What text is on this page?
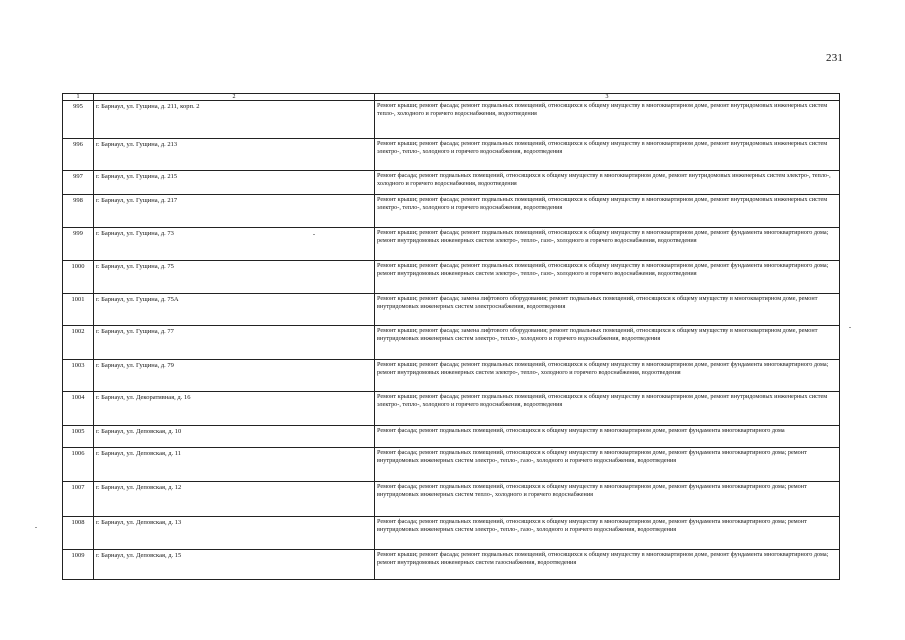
231
1	2	3
995	г. Барнаул, ул. Гущина, д. 211, корп. 2	Ремонт крыши; ремонт фасада; ремонт подвальных помещений, относящихся к общему имуществу в многоквартирном доме, ремонт внутридомовых инженерных систем тепло-, холодного и горячего водоснабжения, водоотведения
996	г. Барнаул, ул. Гущина, д. 213	Ремонт крыши; ремонт фасада; ремонт подвальных помещений, относящихся к общему имуществу в многоквартирном доме, ремонт внутридомовых инженерных систем электро-, тепло-, холодного и горячего водоснабжения, водоотведения
997	г. Барнаул, ул. Гущина, д. 215	Ремонт фасада; ремонт подвальных помещений, относящихся к общему имуществу в многоквартирном доме, ремонт внутридомовых инженерных систем электро-, тепло-, холодного и горячего водоснабжения, водоотведения
998	г. Барнаул, ул. Гущина, д. 217	Ремонт крыши; ремонт фасада; ремонт подвальных помещений, относящихся к общему имуществу в многоквартирном доме, ремонт внутридомовых инженерных систем электро-, тепло-, холодного и горячего водоснабжения, водоотведения
999	г. Барнаул, ул. Гущина, д. 73	Ремонт крыши; ремонт фасада; ремонт подвальных помещений, относящихся к общему имуществу в многоквартирном доме, ремонт фундамента многоквартирного дома; ремонт внутридомовых инженерных систем электро-, тепло-, газо-, холодного и горячего водоснабжения, водоотведения
1000	г. Барнаул, ул. Гущина, д. 75	Ремонт крыши; ремонт фасада; ремонт подвальных помещений, относящихся к общему имуществу в многоквартирном доме, ремонт фундамента многоквартирного дома; ремонт внутридомовых инженерных систем электро-, тепло-, газо-, холодного и горячего водоснабжения, водоотведения
1001	г. Барнаул, ул. Гущина, д. 75А	Ремонт крыши; ремонт фасада; замена лифтового оборудования; ремонт подвальных помещений, относящихся к общему имуществу в многоквартирном доме, ремонт внутридомовых инженерных систем электроснабжения, водоотведения
1002	г. Барнаул, ул. Гущина, д. 77	Ремонт крыши; ремонт фасада; замена лифтового оборудования; ремонт подвальных помещений, относящихся к общему имуществу в многоквартирном доме, ремонт внутридомовых инженерных систем электро-, тепло-, холодного и горячего водоснабжения, водоотведения
1003	г. Барнаул, ул. Гущина, д. 79	Ремонт крыши; ремонт фасада; ремонт подвальных помещений, относящихся к общему имуществу в многоквартирном доме, ремонт фундамента многоквартирного дома; ремонт внутридомовых инженерных систем электро-, тепло-, холодного и горячего водоснабжения, водоотведения
1004	г. Барнаул, ул. Декоративная, д. 16	Ремонт крыши; ремонт фасада; ремонт подвальных помещений, относящихся к общему имуществу в многоквартирном доме, ремонт внутридомовых инженерных систем электро-, тепло-, холодного и горячего водоснабжения, водоотведения
1005	г. Барнаул, ул. Деповская, д. 10	Ремонт фасада; ремонт подвальных помещений, относящихся к общему имуществу в многоквартирном доме, ремонт фундамента многоквартирного дома
1006	г. Барнаул, ул. Деповская, д. 11	Ремонт фасада; ремонт подвальных помещений, относящихся к общему имуществу в многоквартирном доме, ремонт фундамента многоквартирного дома; ремонт внутридомовых инженерных систем электро-, тепло-, газо-, холодного и горячего водоснабжения, водоотведения
1007	г. Барнаул, ул. Деповская, д. 12	Ремонт фасада; ремонт подвальных помещений, относящихся к общему имуществу в многоквартирном доме, ремонт фундамента многоквартирного дома; ремонт внутридомовых инженерных систем тепло-, холодного и горячего водоснабжения
1008	г. Барнаул, ул. Деповская, д. 13	Ремонт фасада; ремонт подвальных помещений, относящихся к общему имуществу в многоквартирном доме, ремонт фундамента многоквартирного дома; ремонт внутридомовых инженерных систем электро-, тепло-, газо-, холодного и горячего водоснабжения, водоотведения
1009	г. Барнаул, ул. Деповская, д. 15	Ремонт крыши; ремонт фасада; ремонт подвальных помещений, относящихся к общему имуществу в многоквартирном доме, ремонт фундамента многоквартирного дома; ремонт внутридомовых инженерных систем газоснабжения, водоотведения
